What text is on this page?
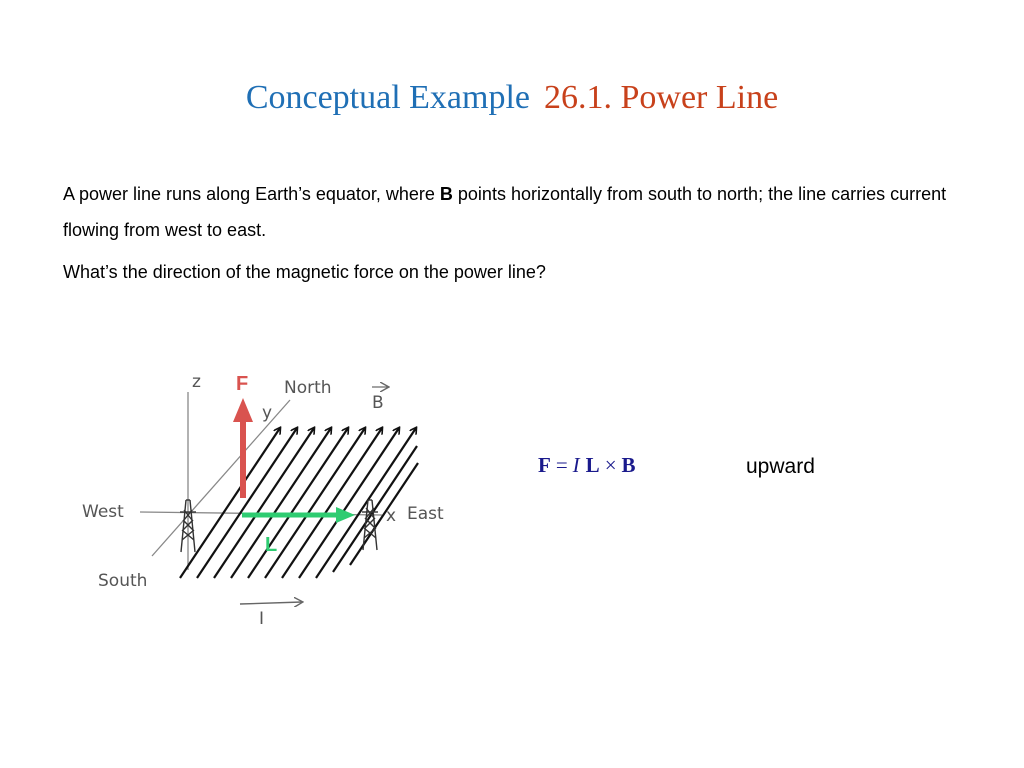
Conceptual Example 26.1. Power Line
A power line runs along Earth’s equator, where B points horizontally from south to north; the line carries current flowing from west to east.
What’s the direction of the magnetic force on the power line?
F
L
I
B
z
y
North
West	x East
South
F = I L × B	upward
